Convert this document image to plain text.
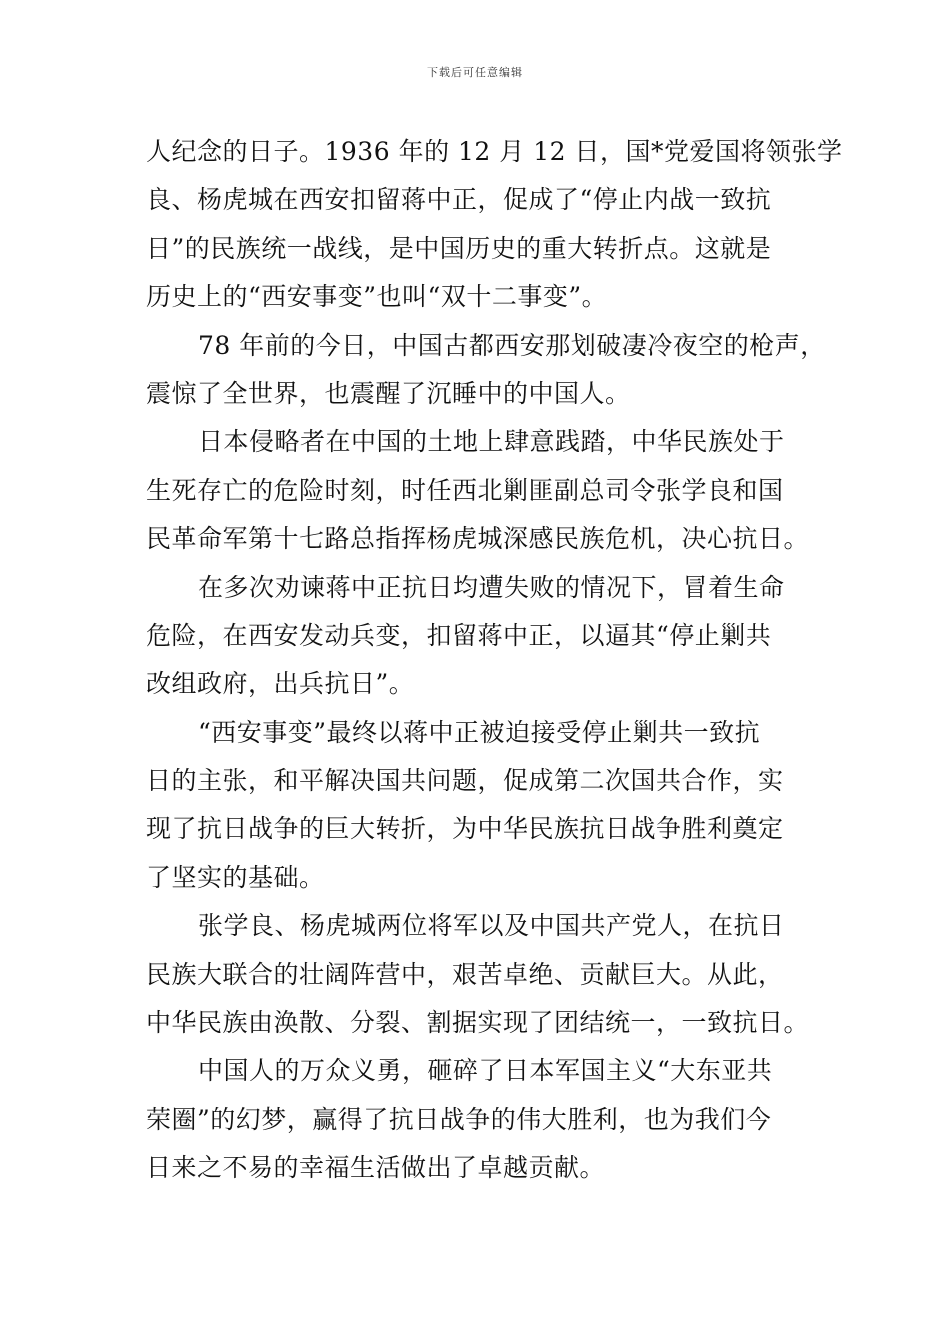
下载后可任意编辑
人纪念的日子。1936 年的 12 月 12 日，国*党爱国将领张学
良、杨虎城在西安扣留蒋中正，促成了“停止内战一致抗
日”的民族统一战线，是中国历史的重大转折点。这就是
历史上的“西安事变”也叫“双十二事变”。
78 年前的今日，中国古都西安那划破凄冷夜空的枪声，
震惊了全世界，也震醒了沉睡中的中国人。
日本侵略者在中国的土地上肆意践踏，中华民族处于
生死存亡的危险时刻，时任西北剿匪副总司令张学良和国
民革命军第十七路总指挥杨虎城深感民族危机，决心抗日。
在多次劝谏蒋中正抗日均遭失败的情况下，冒着生命
危险，在西安发动兵变，扣留蒋中正，以逼其“停止剿共
改组政府，出兵抗日”。
“西安事变”最终以蒋中正被迫接受停止剿共一致抗
日的主张，和平解决国共问题，促成第二次国共合作，实
现了抗日战争的巨大转折，为中华民族抗日战争胜利奠定
了坚实的基础。
张学良、杨虎城两位将军以及中国共产党人，在抗日
民族大联合的壮阔阵营中，艰苦卓绝、贡献巨大。从此，
中华民族由涣散、分裂、割据实现了团结统一，一致抗日。
中国人的万众义勇，砸碎了日本军国主义“大东亚共
荣圈”的幻梦，赢得了抗日战争的伟大胜利，也为我们今
日来之不易的幸福生活做出了卓越贡献。
